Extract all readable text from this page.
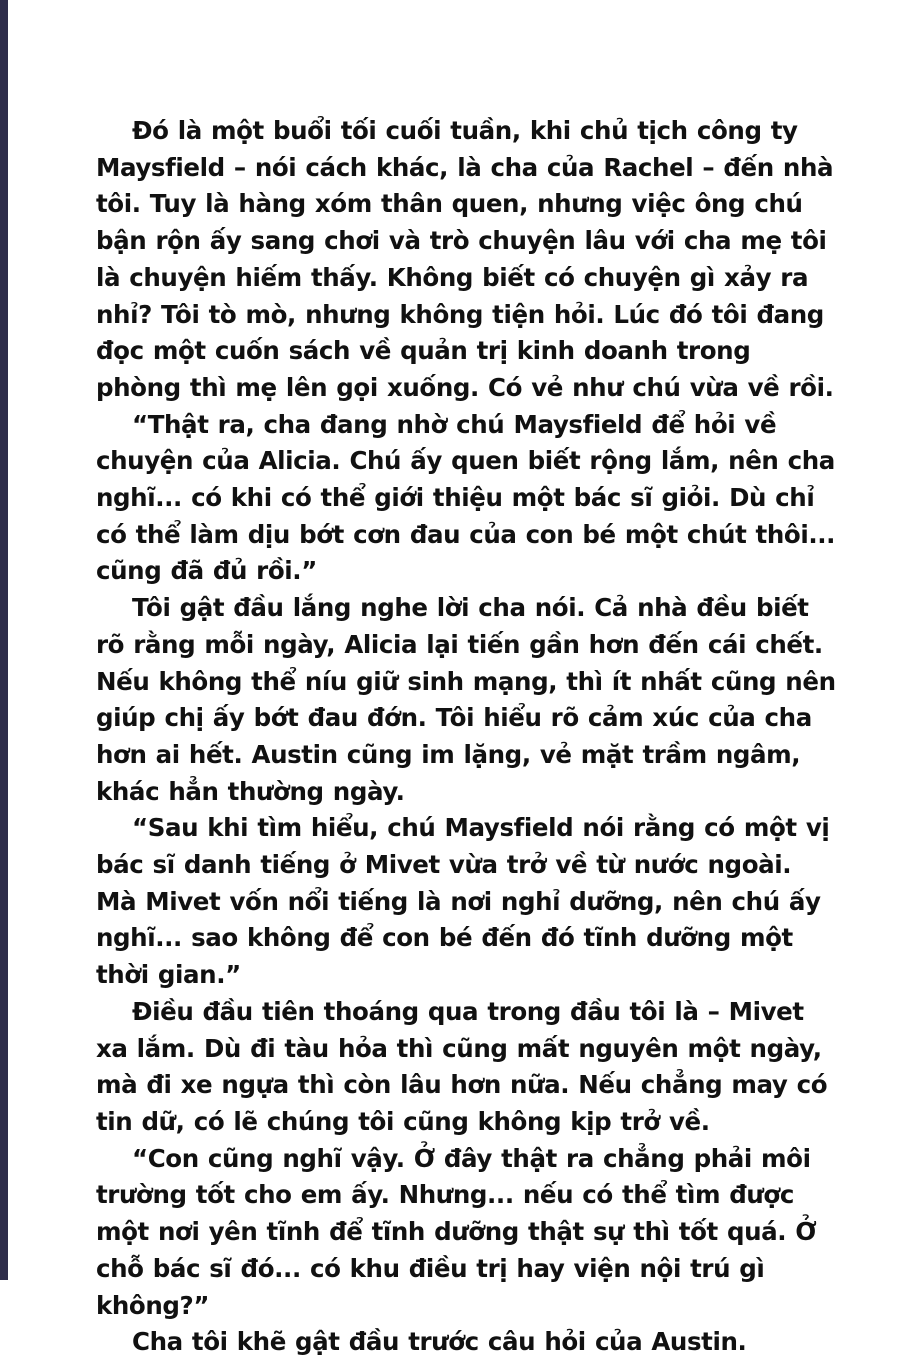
Đó là một buổi tối cuối tuần, khi chủ tịch công ty Maysfield – nói cách khác, là cha của Rachel – đến nhà tôi. Tuy là hàng xóm thân quen, nhưng việc ông chú bận rộn ấy sang chơi và trò chuyện lâu với cha mẹ tôi là chuyện hiếm thấy. Không biết có chuyện gì xảy ra nhỉ? Tôi tò mò, nhưng không tiện hỏi. Lúc đó tôi đang đọc một cuốn sách về quản trị kinh doanh trong phòng thì mẹ lên gọi xuống. Có vẻ như chú vừa về rồi.

“Thật ra, cha đang nhờ chú Maysfield để hỏi về chuyện của Alicia. Chú ấy quen biết rộng lắm, nên cha nghĩ... có khi có thể giới thiệu một bác sĩ giỏi. Dù chỉ có thể làm dịu bớt cơn đau của con bé một chút thôi... cũng đã đủ rồi.”

Tôi gật đầu lắng nghe lời cha nói. Cả nhà đều biết rõ rằng mỗi ngày, Alicia lại tiến gần hơn đến cái chết. Nếu không thể níu giữ sinh mạng, thì ít nhất cũng nên giúp chị ấy bớt đau đớn. Tôi hiểu rõ cảm xúc của cha hơn ai hết. Austin cũng im lặng, vẻ mặt trầm ngâm, khác hẳn thường ngày.

“Sau khi tìm hiểu, chú Maysfield nói rằng có một vị bác sĩ danh tiếng ở Mivet vừa trở về từ nước ngoài. Mà Mivet vốn nổi tiếng là nơi nghỉ dưỡng, nên chú ấy nghĩ... sao không để con bé đến đó tĩnh dưỡng một thời gian.”

Điều đầu tiên thoáng qua trong đầu tôi là – Mivet xa lắm. Dù đi tàu hỏa thì cũng mất nguyên một ngày, mà đi xe ngựa thì còn lâu hơn nữa. Nếu chẳng may có tin dữ, có lẽ chúng tôi cũng không kịp trở về.

“Con cũng nghĩ vậy. Ở đây thật ra chẳng phải môi trường tốt cho em ấy. Nhưng... nếu có thể tìm được một nơi yên tĩnh để tĩnh dưỡng thật sự thì tốt quá. Ở chỗ bác sĩ đó... có khu điều trị hay viện nội trú gì không?”

Cha tôi khẽ gật đầu trước câu hỏi của Austin.
